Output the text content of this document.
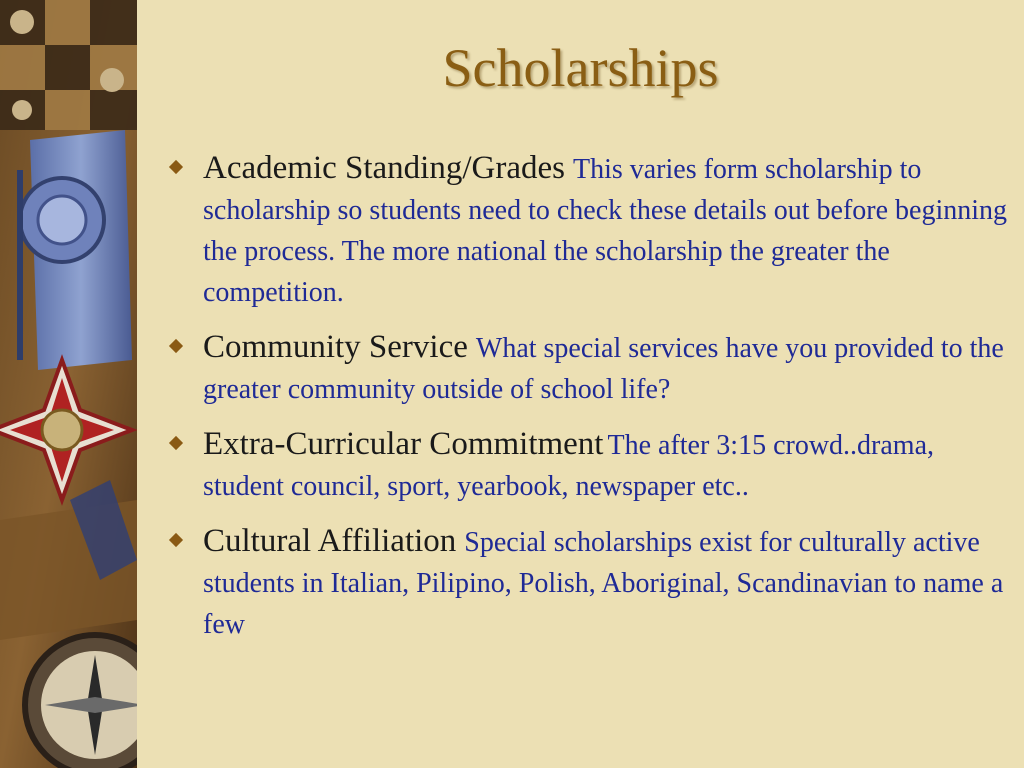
Scholarships
Academic Standing/Grades This varies form scholarship to scholarship so students need to check these details out before beginning the process. The more national the scholarship the greater the competition.
Community Service What special services have you provided to the greater community outside of school life?
Extra-Curricular Commitment The after 3:15 crowd..drama, student council, sport, yearbook, newspaper etc..
Cultural Affiliation Special scholarships exist for culturally active students in Italian, Pilipino, Polish, Aboriginal, Scandinavian to name a few
